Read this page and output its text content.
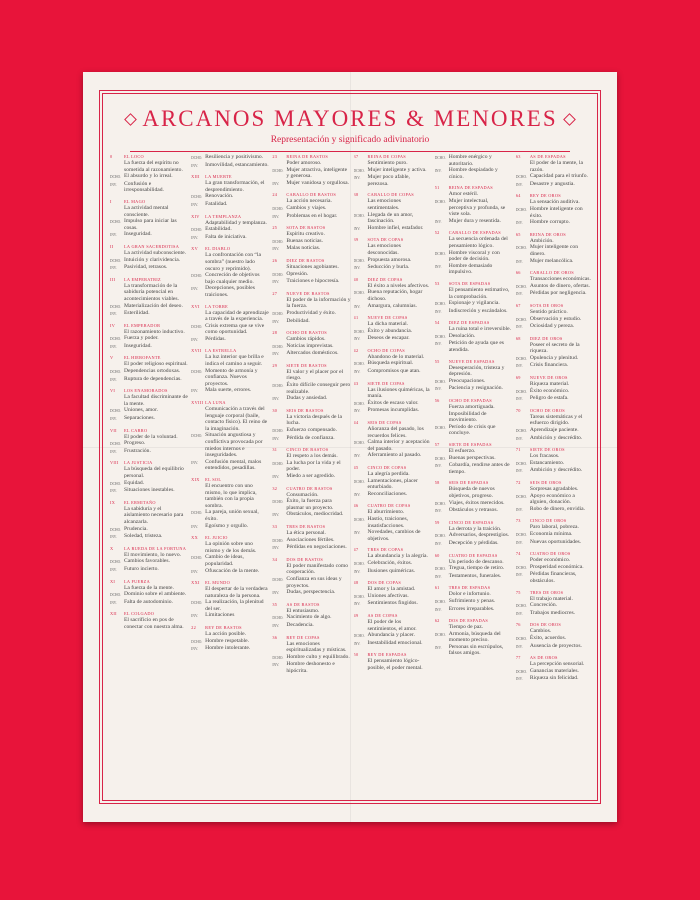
ARCANOS MAYORES & MENORES
Representación y significado adivinatorio
0	EL LOCO
La fuerza del espíritu no sometida al razonamiento.
DCHO. El absurdo y lo irreal.
INV.	Confusión e irresponsabilidad.
I	EL MAGO
La actividad mental consciente.
DCHO. Impulso para iniciar las cosas.
INV.	Inseguridad.
II	LA GRAN SACERDOTISA
La actividad subconsciente.
DCHO. Intuición y clarividencia.
INV.	Pasividad, retrasos.
III	LA EMPERATRIZ
La transformación de la sabiduría potencial en acontecimientos viables.
DCHO. Materialización del deseo.
INV.	Esterilidad.
IV	EL EMPERADOR
El razonamiento inductivo.
DCHO. Fuerza y poder.
INV.	Inseguridad.
V	EL HIEROFANTE
El poder religioso espiritual.
DCHO. Dependencias ortodoxas.
INV.	Ruptura de dependencias.
VI	LOS ENAMORADOS
La facultad discriminante de la mente.
DCHO. Uniones, amor.
INV.	Separaciones.
VII	EL CARRO
El poder de la voluntad.
DCHO. Progreso.
INV.	Frustración.
VIII	LA JUSTICIA
La búsqueda del equilibrio personal.
DCHO. Equidad.
INV.	Situaciones inestables.
IX	EL ERMITAÑO
La sabiduría y el aislamiento necesario para alcanzarla.
DCHO. Prudencia.
INV.	Soledad, tristeza.
X	LA RUEDA DE LA FORTUNA
El movimiento, lo nuevo.
DCHO. Cambios favorables.
INV.	Futuro incierto.
XI	LA FUERZA
La fuerza de la mente.
DCHO. Dominio sobre el ambiente.
INV.	Falta de autodominio.
XII	EL COLGADO
El sacrificio en pos de conectar con nuestra alma.
DCHO. Resiliencia y positivismo.
INV.	Inmovilidad, estancamiento.
XIII	LA MUERTE
La gran transformación, el desprendimiento.
DCHO. Renovación.
INV.	Fatalidad.
XIV	LA TEMPLANZA
Adaptabilidad y templanza.
DCHO. Estabilidad.
INV.	Falta de iniciativa.
XV	EL DIABLO
La confrontación con “la sombra” (nuestro lado oscuro y reprimido).
DCHO. Concreción de objetivos bajo cualquier medio.
INV.	Decepciones, posibles traiciones.
XVI	LA TORRE
La capacidad de aprendizaje a través de la experiencia.
DCHO. Crisis extrema que se vive como oportunidad.
INV.	Pérdidas.
XVII LA ESTRELLA
La luz interior que brilla e indica el camino a seguir.
DCHO. Momento de armonía y confianza. Nuevos proyectos.
INV.	Mala suerte, errores.
XVIII LA LUNA
Comunicación a través del lenguaje corporal (baile, contacto físico). El reino de la imaginación.
DCHO. Situación angustiosa y conflictiva provocada por miedos internos e inseguridades.
INV.	Confusión mental, malos entendidos, pesadillas.
XIX	EL SOL
El encuentro con uno mismo, lo que implica, también con la propia sombra.
DCHO. La pareja, unión sexual, éxito.
INV.	Egoísmo y orgullo.
XX	EL JUICIO
La opinión sobre uno mismo y de los demás.
DCHO. Cambio de ideas, popularidad.
INV.	Ofuscación de la mente.
XXI	EL MUNDO
El despertar de la verdadera naturaleza de la persona.
DCHO. La realización, la plenitud del ser.
INV.	Limitaciones
22	REY DE BASTOS
La acción posible.
DCHO. Hombre respetable.
INV.	Hombre intolerante.
23	REINA DE BASTOS
Poder amoroso.
DCHO. Mujer atractiva, inteligente y generosa.
INV.	Mujer vanidosa y orgullosa.
24	CABALLO DE BASTOS
La acción necesaria.
DCHO. Cambios y viajes.
INV.	Problemas en el hogar.
25	SOTA DE BASTOS
Espíritu creativo.
DCHO. Buenas noticias.
INV.	Malas noticias.
26	DIEZ DE BASTOS
Situaciones agobiantes.
DCHO. Opresión.
INV.	Traiciones e hipocresía.
27	NUEVE DE BASTOS
El poder de la información y la fuerza.
DCHO. Productividad y éxito.
INV.	Debilidad.
28	OCHO DE BASTOS
Cambios rápidos.
DCHO. Noticias imprevistas.
INV.	Altercados domésticos.
29	SIETE DE BASTOS
El valor y el placer por el riesgo.
DCHO. Éxito difícile conseguir pero realizable.
INV.	Dudas y ansiedad.
30	SEIS DE BASTOS
La victoria después de la lucha.
DCHO. Esfuerzo compensado.
INV.	Pérdida de confianza.
31	CINCO DE BASTOS
El respeto a los demás.
DCHO. La lucha por la vida y el poder.
INV.	Miedo a ser agredido.
32	CUATRO DE BASTOS
Consumación.
DCHO. Éxito, la fuerza para plasmar un proyecto.
INV.	Obstáculos, mediocridad.
33	TRES DE BASTOS
La ética personal.
DCHO. Asociaciones fértiles.
INV.	Pérdidas en negociaciones.
34	DOS DE BASTOS
El poder manifestado como cooperación.
DCHO. Confianza en sus ideas y proyectos.
INV.	Dudas, perspectencia.
35	AS DE BASTOS
El entusiasmo.
DCHO. Nacimiento de algo.
INV.	Decadencia.
36	REY DE COPAS
Las emociones espiritualizadas y místicas.
DCHO. Hombre culto y equilibrado.
INV.	Hombre deshonesto e hipócrita.
37	REINA DE COPAS
Sentimiento puro.
DCHO. Mujer inteligente y activa.
INV.	Mujer poco afable, perezosa.
38	CABALLO DE COPAS
Las emociones sentimentales.
DCHO. Llegada de un amor, fascinación.
INV.	Hombre infiel, estafador.
39	SOTA DE COPAS
Las emociones desconocidas.
DCHO. Propuesta amorosa.
INV.	Seducción y burla.
40	DIEZ DE COPAS
El éxito a niveles afectivos.
DCHO. Buena reputación, hogar dichoso.
INV.	Amargura, calumnias.
41	NUEVE DE COPAS
La dicha material.
DCHO. Éxito y abundancia.
INV.	Deseos de escapar.
42	OCHO DE COPAS
Abandono de lo material.
DCHO. Búsqueda espiritual.
INV.	Compromisos que atan.
43	SIETE DE COPAS
Las ilusiones quiméricas, la manía.
DCHO. Éxitos de escaso valor.
INV.	Promesas incumplidas.
44	SEIS DE COPAS
Añoranza del pasado, los recuerdos felices.
DCHO. Calma interior y aceptación del pasado.
INV.	Aferramiento al pasado.
45	CINCO DE COPAS
La alegría perdida.
DCHO. Lamentaciones, placer enturbiado.
INV.	Reconciliaciones.
46	CUATRO DE COPAS
El aburrimiento.
DCHO. Hastío, traiciones, insatisfacciones.
INV.	Novedades, cambios de objetivos.
47	TRES DE COPAS
La abundancia y la alegría.
DCHO. Celebración, éxitos.
INV.	Ilusiones quiméricas.
48	DOS DE COPAS
El amor y la amistad.
DCHO. Uniones afectivas.
INV.	Sentimientos fingidos.
49	AS DE COPAS
El poder de los sentimientos, el amor.
DCHO. Abundancia y placer.
INV.	Inestabilidad emocional.
50	REY DE ESPADAS
El pensamiento lógico-posible, el poder mental.
DCHO. Hombre enérgico y autoritario.
INV.	Hombre despiadado y cínico.
51	REINA DE ESPADAS
Amor estéril.
DCHO. Mujer intelectual, perceptiva y profunda, se viste sola.
INV.	Mujer dura y resentida.
52	CABALLO DE ESPADAS
La secuencia ordenada del pensamiento lógico.
DCHO. Hombre viscoral y con poder de decisión.
INV.	Hombre demasiado impulsivo.
53	SOTA DE ESPADAS
El pensamiento estimativo, la comprobación.
DCHO. Espionaje y vigilancia.
INV.	Indiscreción y escándalos.
54	DIEZ DE ESPADAS
La ruina total e irreversible.
DCHO. Desolación.
INV.	Petición de ayuda que es atendida.
55	NUEVE DE ESPADAS
Desesperación, tristeza y depresión.
DCHO. Preocupaciones.
INV.	Paciencia y resignación.
56	OCHO DE ESPADAS
Fuerza amortiguada. Imposibilidad de movimiento.
DCHO. Período de crisis que concluye.
57	SIETE DE ESPADAS
El esfuerzo.
DCHO. Buenas perspectivas.
INV.	Cobardía, rendirse antes de tiempo.
58	SEIS DE ESPADAS
Búsqueda de nuevos objetivos, progreso.
DCHO. Viajes, éxitos merecidos.
INV.	Obstáculos y retrasos.
59	CINCO DE ESPADAS
La derrota y la traición.
DCHO. Adversarios, desprestigios.
INV.	Decepción y pérdidas.
60	CUATRO DE ESPADAS
Un periodo de descanso.
DCHO. Tregua, tiempo de retiro.
INV.	Testamentos, funerales.
61	TRES DE ESPADAS
Dolor e infortunio.
DCHO. Sufrimiento y penas.
INV.	Errores irreparables.
62	DOS DE ESPADAS
Tiempo de paz.
DCHO. Armonía, búsqueda del momento preciso.
INV.	Personas sin escrúpulos, falsos amigos.
63	AS DE ESPADAS
El poder de la mente, la razón.
DCHO. Capacidad para el triunfo.
INV.	Desastre y angustia.
64	REY DE OROS
La sensación auditiva.
DCHO. Hombre inteligente con éxito.
INV.	Hombre corrupto.
65	REINA DE OROS
Ambición.
DCHO. Mujer inteligente con dinero.
INV.	Mujer melancólica.
66	CABALLO DE OROS
Transacciones económicas.
DCHO. Asuntos de dinero, ofertas.
INV.	Pérdidas por negligencia.
67	SOTA DE OROS
Sentido práctico.
DCHO. Observación y estudio.
INV.	Ociosidad y pereza.
68	DIEZ DE OROS
Poseer el secreto de la riqueza.
DCHO. Opulencia y plenitud.
INV.	Crisis financiera.
69	NUEVE DE OROS
Riqueza material.
DCHO. Éxito económico.
INV.	Peligro de estafa.
70	OCHO DE OROS
Tareas sistemáticas y el esfuerzo dirigido.
DCHO. Aprendizaje paciente.
INV.	Ambición y descrédito.
71	SIETE DE OROS
Los fracasos.
DCHO. Estancamiento.
INV.	Ambición y descrédito.
72	SEIS DE OROS
Sorpresas agradables.
DCHO. Apoyo económico a alguien, donación.
INV.	Robo de dinero, envidia.
73	CINCO DE OROS
Paro laboral, pobreza.
DCHO. Economía mínima.
INV.	Nuevas oportunidades.
74	CUATRO DE OROS
Poder económico.
DCHO. Prosperidad económica.
INV.	Pérdidas financieras, obstáculos.
75	TRES DE OROS
El trabajo material.
DCHO. Concreción.
INV.	Trabajos mediocres.
76	DOS DE OROS
Cambios.
DCHO. Éxito, acuerdos.
INV.	Ausencia de proyectos.
77	AS DE OROS
La percepción sensorial.
DCHO. Ganancias materiales.
INV.	Riqueza sin felicidad.
